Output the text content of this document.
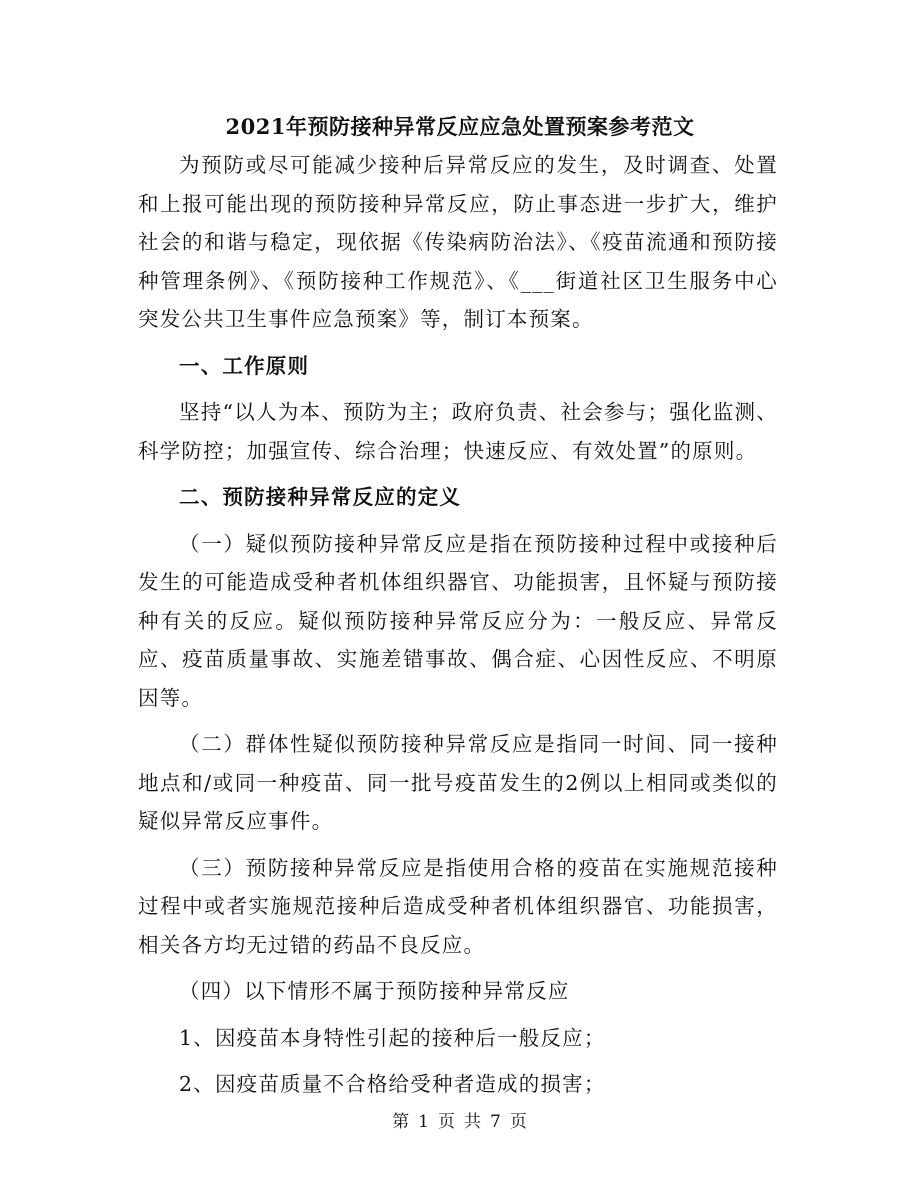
2021年预防接种异常反应应急处置预案参考范文

为预防或尽可能减少接种后异常反应的发生，及时调查、处置和上报可能出现的预防接种异常反应，防止事态进一步扩大，维护社会的和谐与稳定，现依据《传染病防治法》、《疫苗流通和预防接种管理条例》、《预防接种工作规范》、《___街道社区卫生服务中心突发公共卫生事件应急预案》等，制订本预案。

一、工作原则

坚持“以人为本、预防为主；政府负责、社会参与；强化监测、科学防控；加强宣传、综合治理；快速反应、有效处置”的原则。

二、预防接种异常反应的定义

（一）疑似预防接种异常反应是指在预防接种过程中或接种后发生的可能造成受种者机体组织器官、功能损害，且怀疑与预防接种有关的反应。疑似预防接种异常反应分为：一般反应、异常反应、疫苗质量事故、实施差错事故、偶合症、心因性反应、不明原因等。

（二）群体性疑似预防接种异常反应是指同一时间、同一接种地点和/或同一种疫苗、同一批号疫苗发生的2例以上相同或类似的疑似异常反应事件。

（三）预防接种异常反应是指使用合格的疫苗在实施规范接种过程中或者实施规范接种后造成受种者机体组织器官、功能损害，相关各方均无过错的药品不良反应。

（四）以下情形不属于预防接种异常反应

1、因疫苗本身特性引起的接种后一般反应；

2、因疫苗质量不合格给受种者造成的损害；

第 1 页 共 7 页
